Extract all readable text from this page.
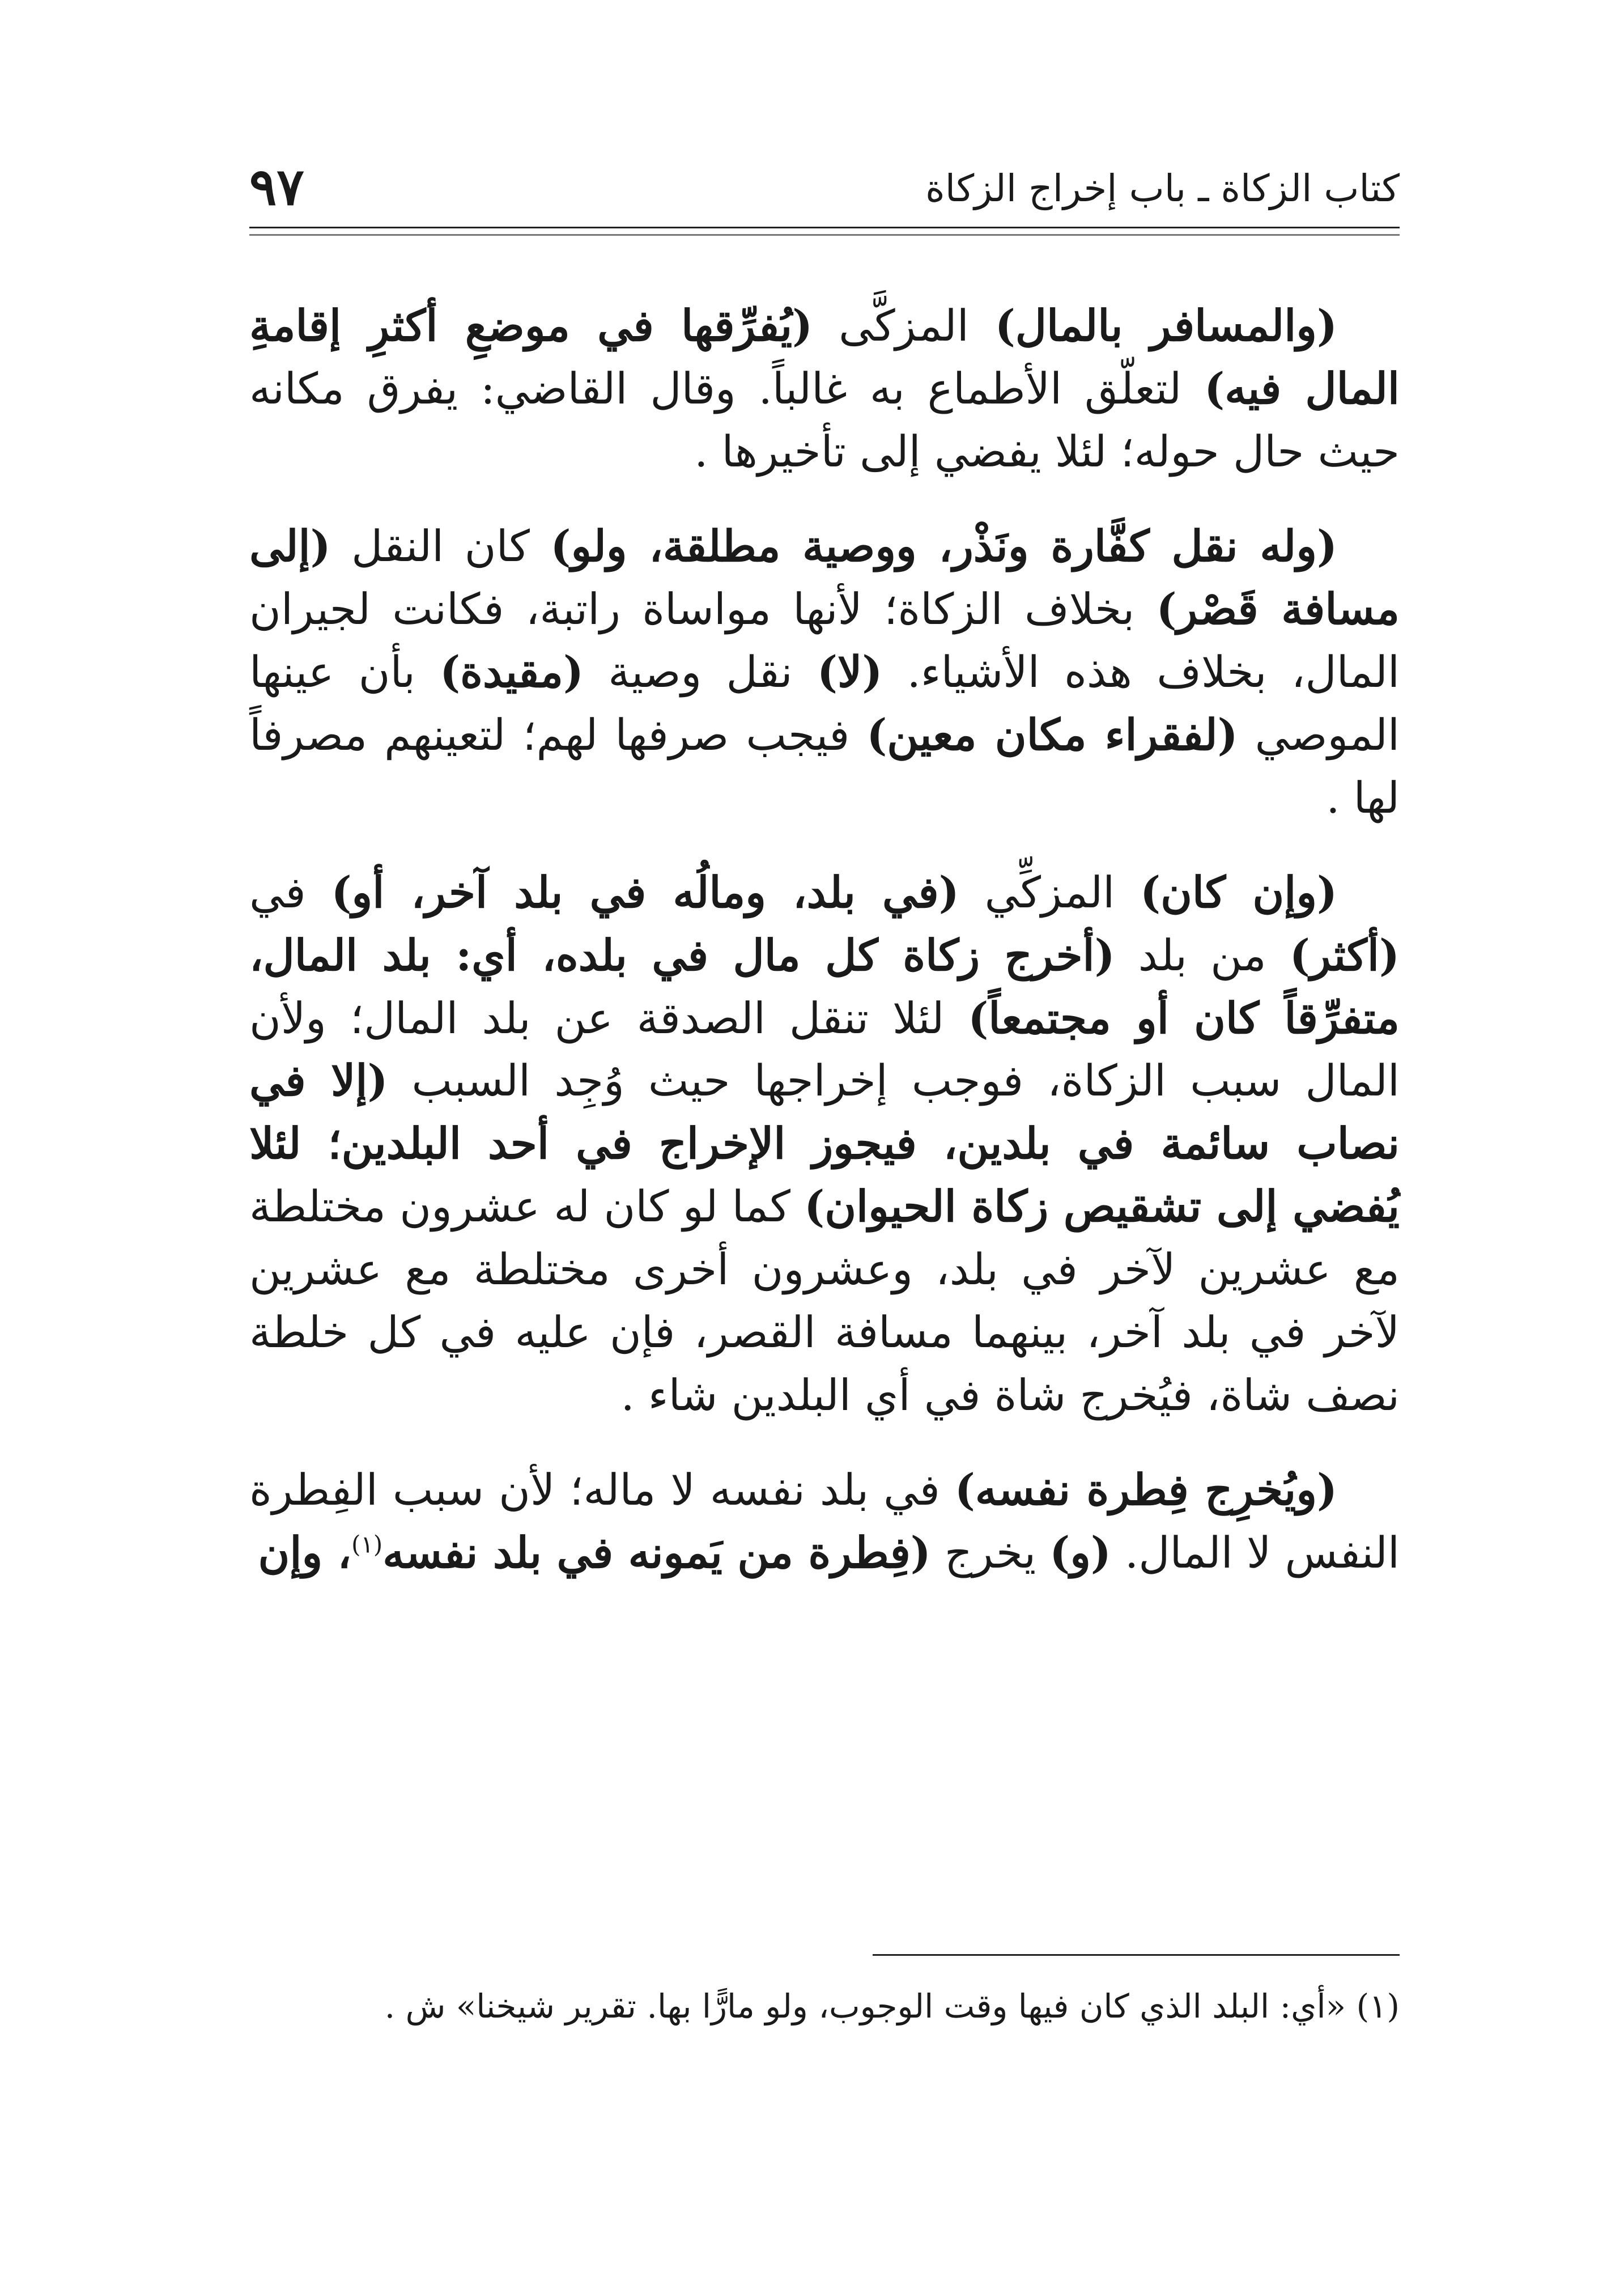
٩٧	كتاب الزكاة ـ باب إخراج الزكاة

(والمسافر بالمال) المزكَّى (يُفرِّقها في موضعِ أكثرِ إقامةِ المال فيه) لتعلّق الأطماع به غالباً. وقال القاضي: يفرق مكانه حيث حال حوله؛ لئلا يفضي إلى تأخيرها .

(وله نقل كفَّارة ونَذْر، ووصية مطلقة، ولو) كان النقل (إلى مسافة قَصْر) بخلاف الزكاة؛ لأنها مواساة راتبة، فكانت لجيران المال، بخلاف هذه الأشياء. (لا) نقل وصية (مقيدة) بأن عينها الموصي (لفقراء مكان معين) فيجب صرفها لهم؛ لتعينهم مصرفاً لها .

(وإن كان) المزكِّي (في بلد، ومالُه في بلد آخر، أو) في (أكثر) من بلد (أخرج زكاة كل مال في بلده، أي: بلد المال، متفرِّقاً كان أو مجتمعاً) لئلا تنقل الصدقة عن بلد المال؛ ولأن المال سبب الزكاة، فوجب إخراجها حيث وُجِد السبب (إلا في نصاب سائمة في بلدين، فيجوز الإخراج في أحد البلدين؛ لئلا يُفضي إلى تشقيص زكاة الحيوان) كما لو كان له عشرون مختلطة مع عشرين لآخر في بلد، وعشرون أخرى مختلطة مع عشرين لآخر في بلد آخر، بينهما مسافة القصر، فإن عليه في كل خلطة نصف شاة، فيُخرج شاة في أي البلدين شاء .

(ويُخرِج فِطرة نفسه) في بلد نفسه لا ماله؛ لأن سبب الفِطرة النفس لا المال. (و) يخرج (فِطرة من يَمونه في بلد نفسه$^{(١)}$، وإن

(١) «أي: البلد الذي كان فيها وقت الوجوب، ولو مارًّا بها. تقرير شيخنا» ش .
